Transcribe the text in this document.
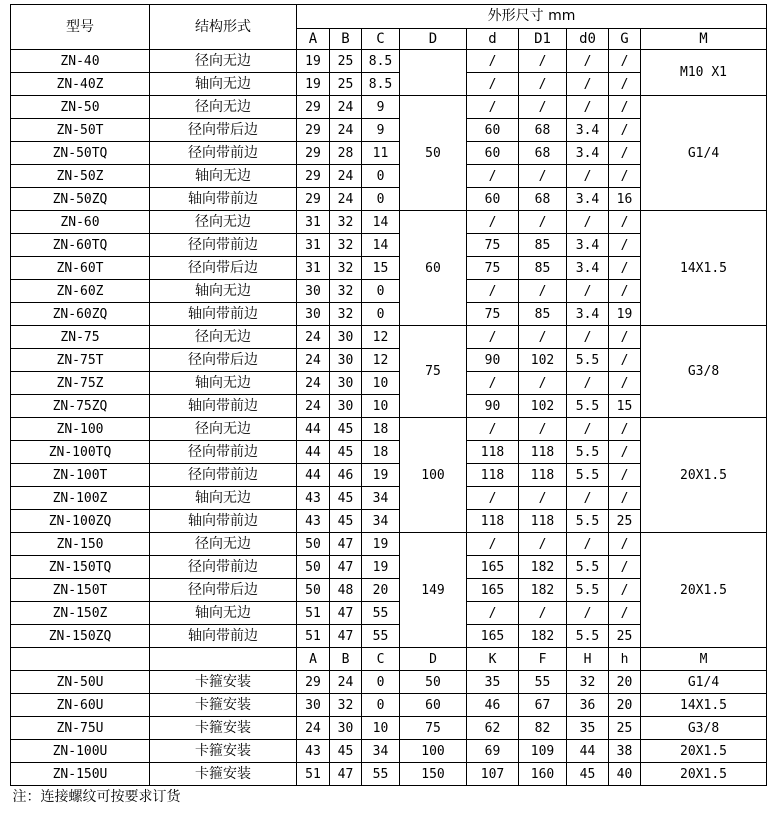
型号	结构形式	外形尺寸 mm								
		A	B	C	D	d	D1	d0	G	M
ZN-40	径向无边	19	25	8.5		/	/	/	/	M10 X1
ZN-40Z	轴向无边	19	25	8.5		/	/	/	/	
ZN-50	径向无边	29	24	9	50	/	/	/	/	G1/4
ZN-50T	径向带后边	29	24	9		60	68	3.4	/	
ZN-50TQ	径向带前边	29	28	11		60	68	3.4	/	
ZN-50Z	轴向无边	29	24	0		/	/	/	/	
ZN-50ZQ	轴向带前边	29	24	0		60	68	3.4	16	
ZN-60	径向无边	31	32	14	60	/	/	/	/	14X1.5
ZN-60TQ	径向带前边	31	32	14		75	85	3.4	/	
ZN-60T	径向带后边	31	32	15		75	85	3.4	/	
ZN-60Z	轴向无边	30	32	0		/	/	/	/	
ZN-60ZQ	轴向带前边	30	32	0		75	85	3.4	19	
ZN-75	径向无边	24	30	12	75	/	/	/	/	G3/8
ZN-75T	径向带后边	24	30	12		90	102	5.5	/	
ZN-75Z	轴向无边	24	30	10		/	/	/	/	
ZN-75ZQ	轴向带前边	24	30	10		90	102	5.5	15	
ZN-100	径向无边	44	45	18	100	/	/	/	/	20X1.5
ZN-100TQ	径向带前边	44	45	18		118	118	5.5	/	
ZN-100T	径向带前边	44	46	19		118	118	5.5	/	
ZN-100Z	轴向无边	43	45	34		/	/	/	/	
ZN-100ZQ	轴向带前边	43	45	34		118	118	5.5	25	
ZN-150	径向无边	50	47	19	149	/	/	/	/	20X1.5
ZN-150TQ	径向带前边	50	47	19		165	182	5.5	/	
ZN-150T	径向带后边	50	48	20		165	182	5.5	/	
ZN-150Z	轴向无边	51	47	55		/	/	/	/	
ZN-150ZQ	轴向带前边	51	47	55		165	182	5.5	25	
		A	B	C	D	K	F	H	h	M
ZN-50U	卡箍安装	29	24	0	50	35	55	32	20	G1/4
ZN-60U	卡箍安装	30	32	0	60	46	67	36	20	14X1.5
ZN-75U	卡箍安装	24	30	10	75	62	82	35	25	G3/8
ZN-100U	卡箍安装	43	45	34	100	69	109	44	38	20X1.5
ZN-150U	卡箍安装	51	47	55	150	107	160	45	40	20X1.5
注：连接螺纹可按要求订货										
